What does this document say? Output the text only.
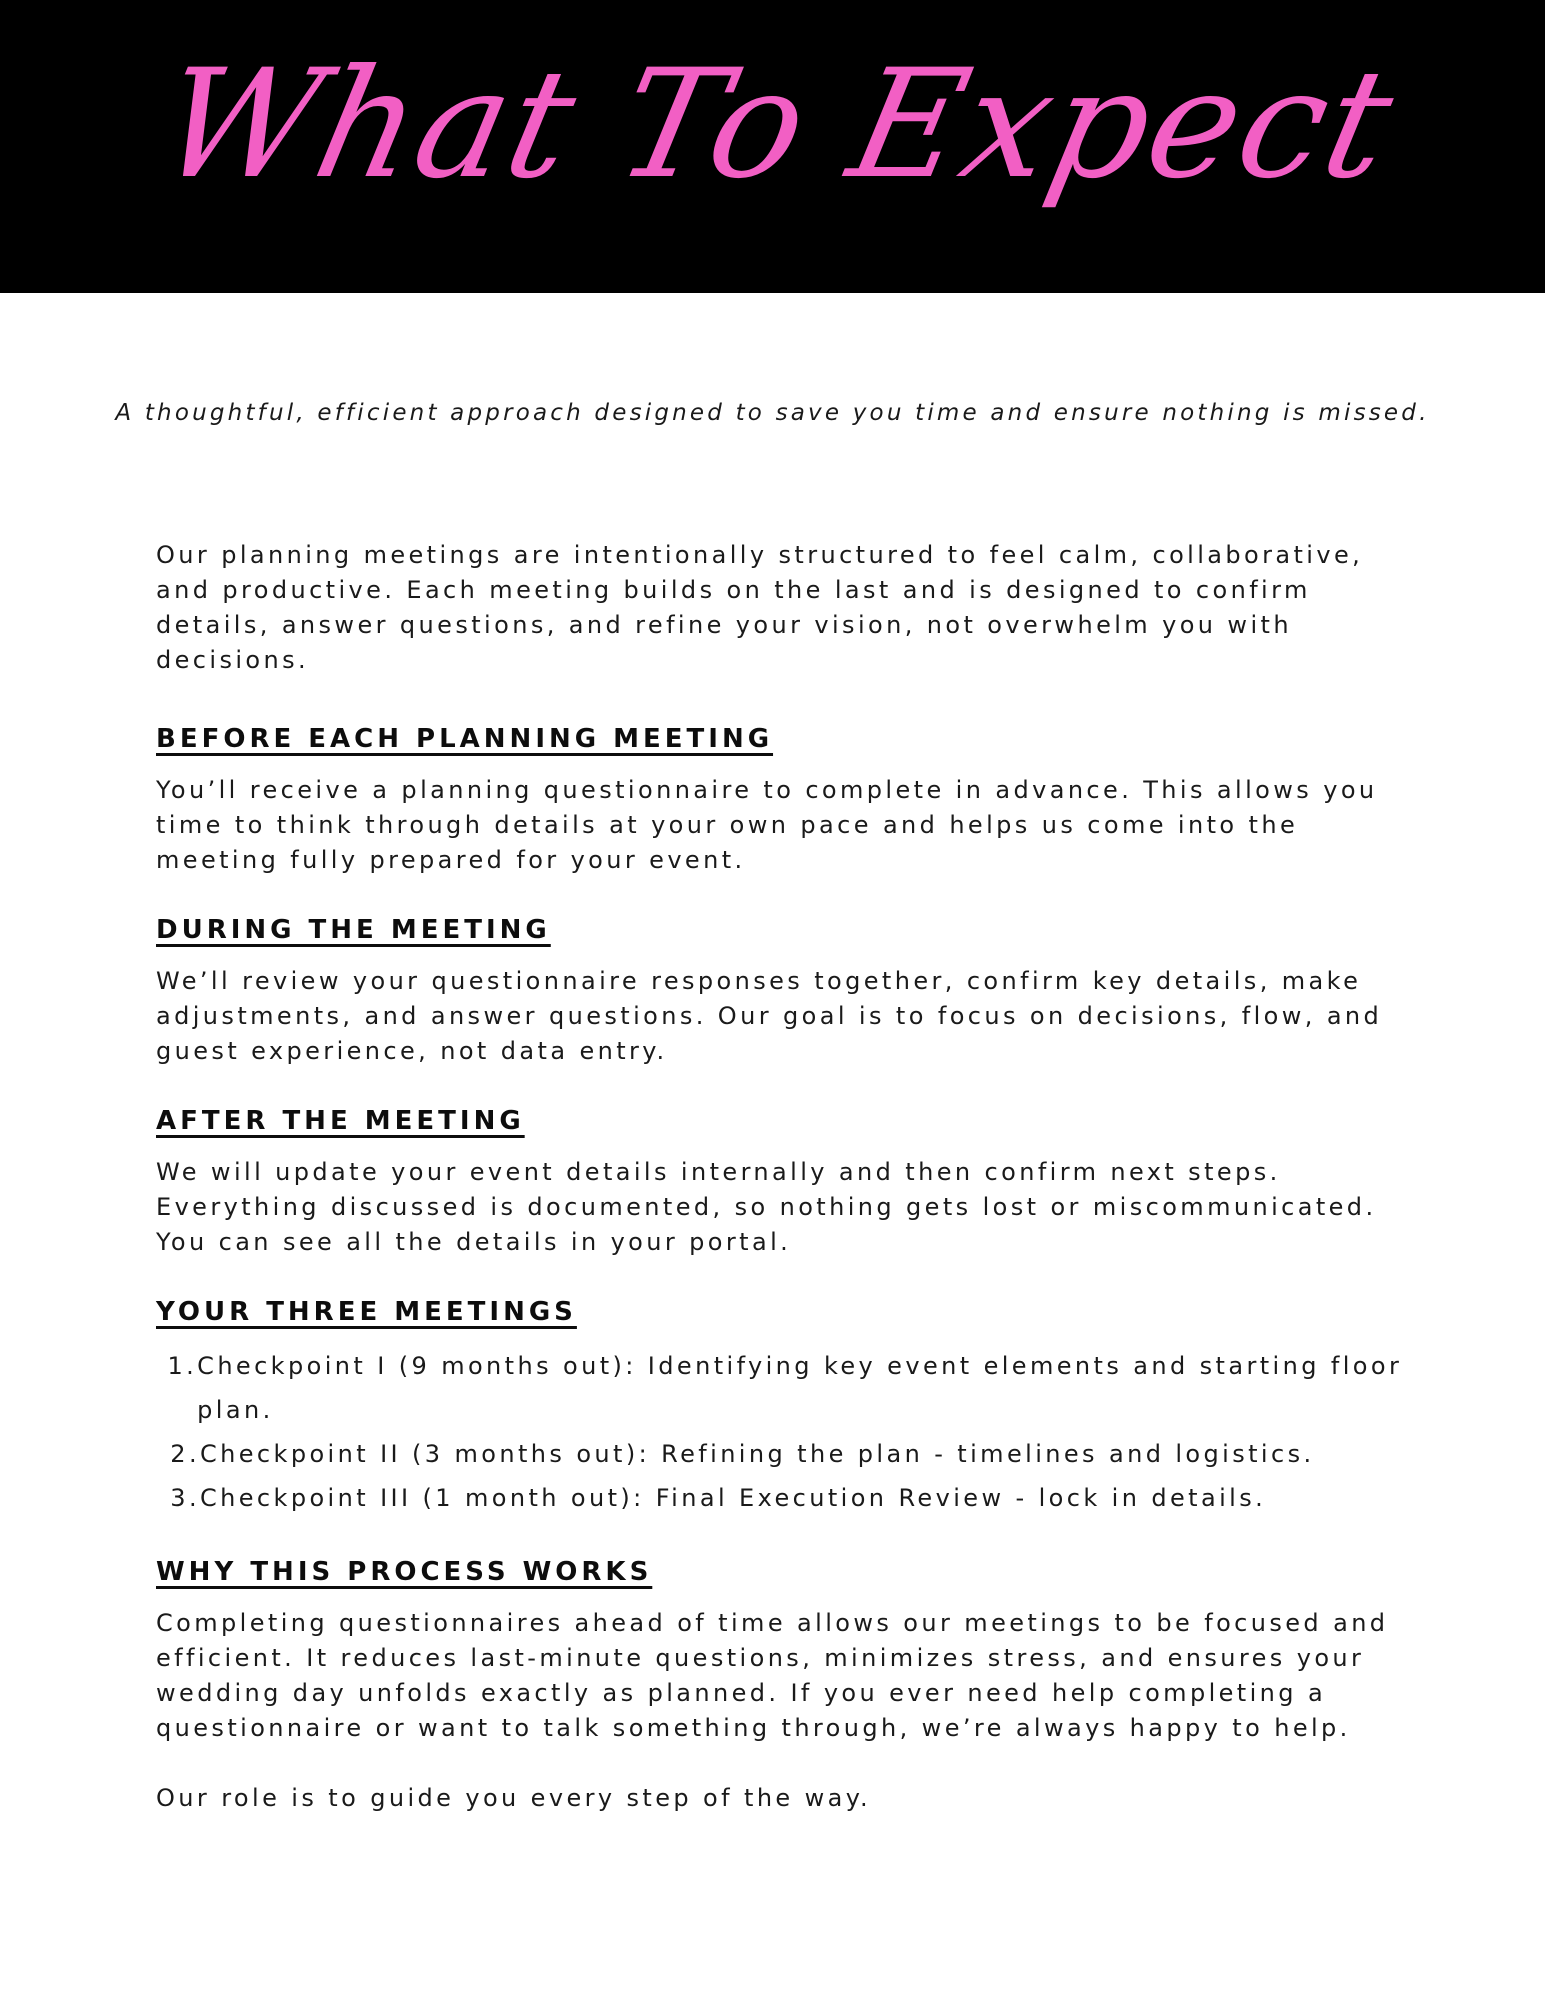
What To Expect

A thoughtful, efficient approach designed to save you time and ensure nothing is missed.

Our planning meetings are intentionally structured to feel calm, collaborative, and productive. Each meeting builds on the last and is designed to confirm details, answer questions, and refine your vision, not overwhelm you with decisions.

BEFORE EACH PLANNING MEETING

You’ll receive a planning questionnaire to complete in advance. This allows you time to think through details at your own pace and helps us come into the meeting fully prepared for your event.

DURING THE MEETING

We’ll review your questionnaire responses together, confirm key details, make adjustments, and answer questions. Our goal is to focus on decisions, flow, and guest experience, not data entry.

AFTER THE MEETING

We will update your event details internally and then confirm next steps. Everything discussed is documented, so nothing gets lost or miscommunicated. You can see all the details in your portal.

YOUR THREE MEETINGS
1. Checkpoint I (9 months out): Identifying key event elements and starting floor plan.
2. Checkpoint II (3 months out): Refining the plan - timelines and logistics.
3. Checkpoint III (1 month out): Final Execution Review - lock in details.
WHY THIS PROCESS WORKS

Completing questionnaires ahead of time allows our meetings to be focused and efficient. It reduces last-minute questions, minimizes stress, and ensures your wedding day unfolds exactly as planned. If you ever need help completing a questionnaire or want to talk something through, we’re always happy to help.

Our role is to guide you every step of the way.
